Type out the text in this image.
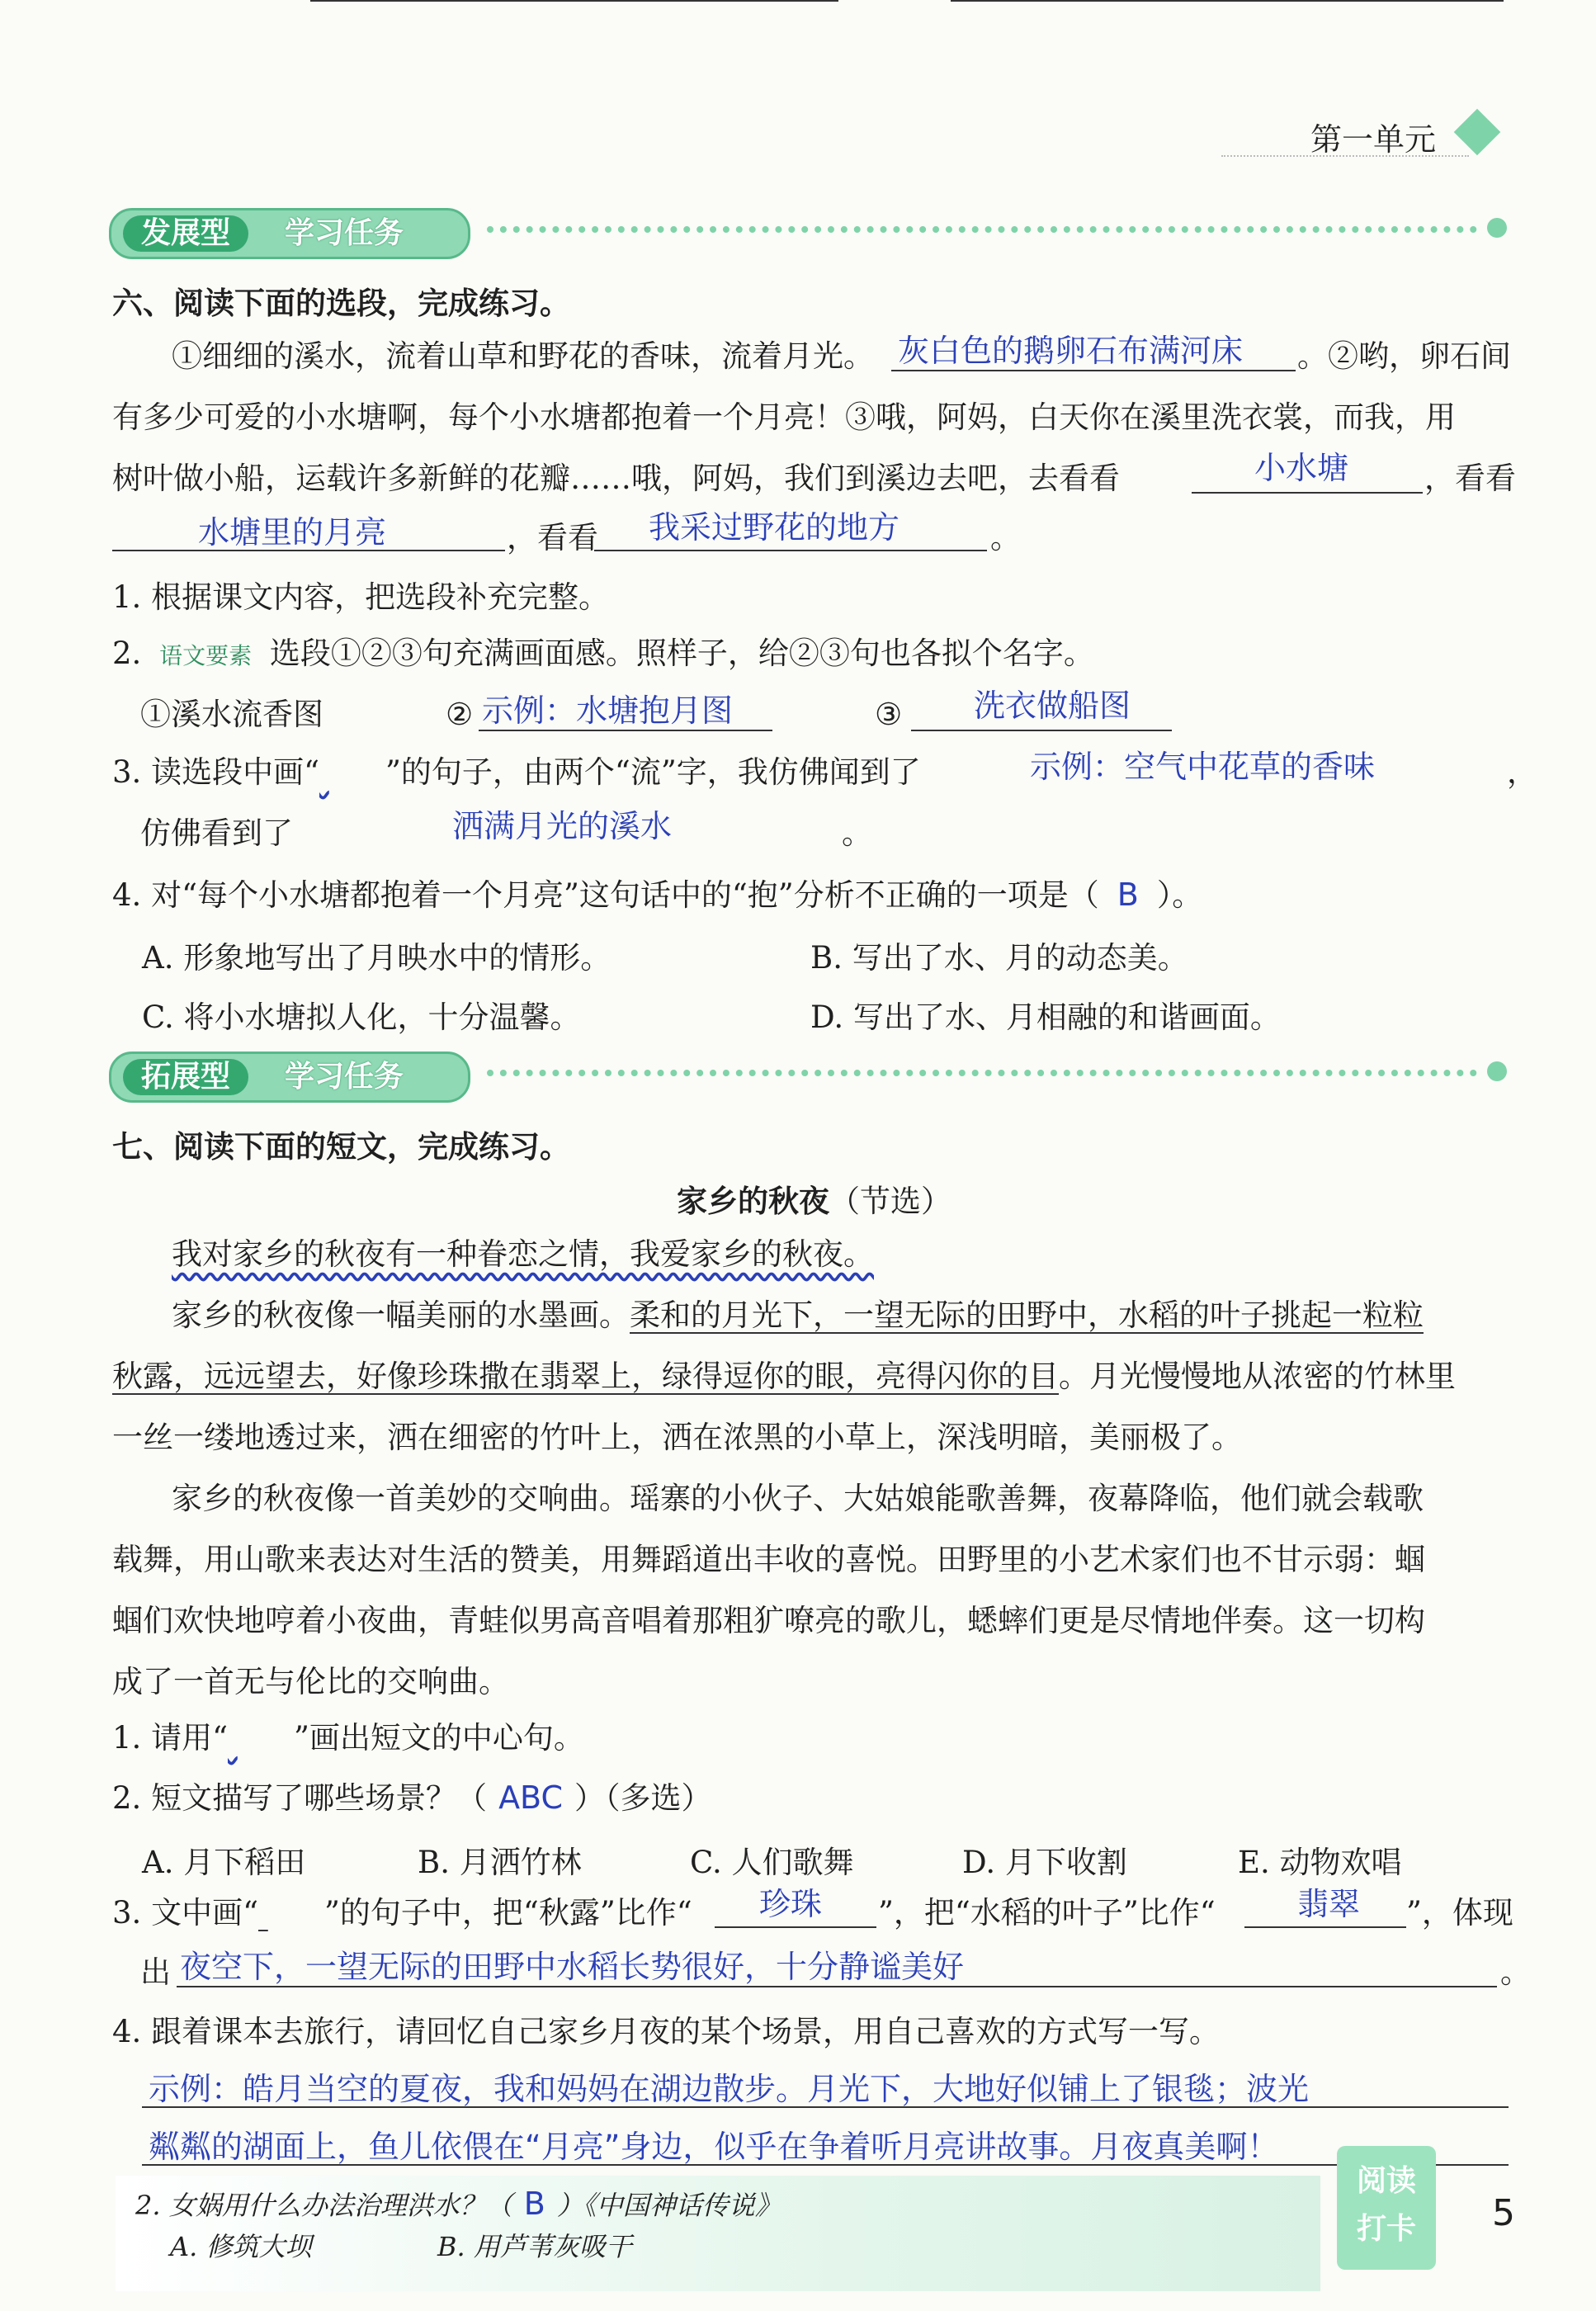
第一单元
发展型	学习任务
六、阅读下面的选段，完成练习。
①细细的溪水，流着山草和野花的香味，流着月光。 灰白色的鹅卵石布满河床 。②哟，卵石间
有多少可爱的小水塘啊，每个小水塘都抱着一个月亮！③哦，阿妈，白天你在溪里洗衣裳，而我，用
树叶做小船，运载许多新鲜的花瓣……哦，阿妈，我们到溪边去吧，去看看	小水塘 ，看看
水塘里的月亮	，看看 我采过野花的地方	。
1. 根据课文内容，把选段补充完整。
2. 语文要素 选段①②③句充满画面感。照样子，给②③句也各拟个名字。
①溪水流香图	② 示例：水塘抱月图	③ 洗衣做船图
3. 读选段中画“ ”的句子，由两个“流”字，我仿佛闻到了	示例：空气中花草的香味	，
仿佛看到了	洒满月光的溪水	。
4. 对“每个小水塘都抱着一个月亮”这句话中的“抱”分析不正确的一项是（ B ）。
A. 形象地写出了月映水中的情形。	B. 写出了水、月的动态美。
C. 将小水塘拟人化，十分温馨。	D. 写出了水、月相融的和谐画面。
拓展型	学习任务
七、阅读下面的短文，完成练习。
家乡的秋夜（节选）
我对家乡的秋夜有一种眷恋之情，我爱家乡的秋夜。
家乡的秋夜像一幅美丽的水墨画。柔和的月光下，一望无际的田野中，水稻的叶子挑起一粒粒
秋露，远远望去，好像珍珠撒在翡翠上，绿得逗你的眼，亮得闪你的目。月光慢慢地从浓密的竹林里
一丝一缕地透过来，洒在细密的竹叶上，洒在浓黑的小草上，深浅明暗，美丽极了。
家乡的秋夜像一首美妙的交响曲。瑶寨的小伙子、大姑娘能歌善舞，夜幕降临，他们就会载歌
载舞，用山歌来表达对生活的赞美，用舞蹈道出丰收的喜悦。田野里的小艺术家们也不甘示弱：蝈
蝈们欢快地哼着小夜曲，青蛙似男高音唱着那粗犷嘹亮的歌儿，蟋蟀们更是尽情地伴奏。这一切构
成了一首无与伦比的交响曲。
1. 请用“ ”画出短文的中心句。
2. 短文描写了哪些场景？（ ABC ）（多选）
A. 月下稻田	B. 月洒竹林	C. 人们歌舞	D. 月下收割	E. 动物欢唱
3. 文中画“ ”的句子中，把“秋露”比作“ 珍珠 ”，把“水稻的叶子”比作“	翡翠 ”，体现
出 夜空下，一望无际的田野中水稻长势很好，十分静谧美好	。
4. 跟着课本去旅行，请回忆自己家乡月夜的某个场景，用自己喜欢的方式写一写。
示例：皓月当空的夏夜，我和妈妈在湖边散步。月光下，大地好似铺上了银毯；波光
粼粼的湖面上，鱼儿依偎在“月亮”身边，似乎在争着听月亮讲故事。月夜真美啊！
2. 女娲用什么办法治理洪水？（ B ）《中国神话传说》
A. 修筑大坝	B. 用芦苇灰吸干
阅读
打卡	5
